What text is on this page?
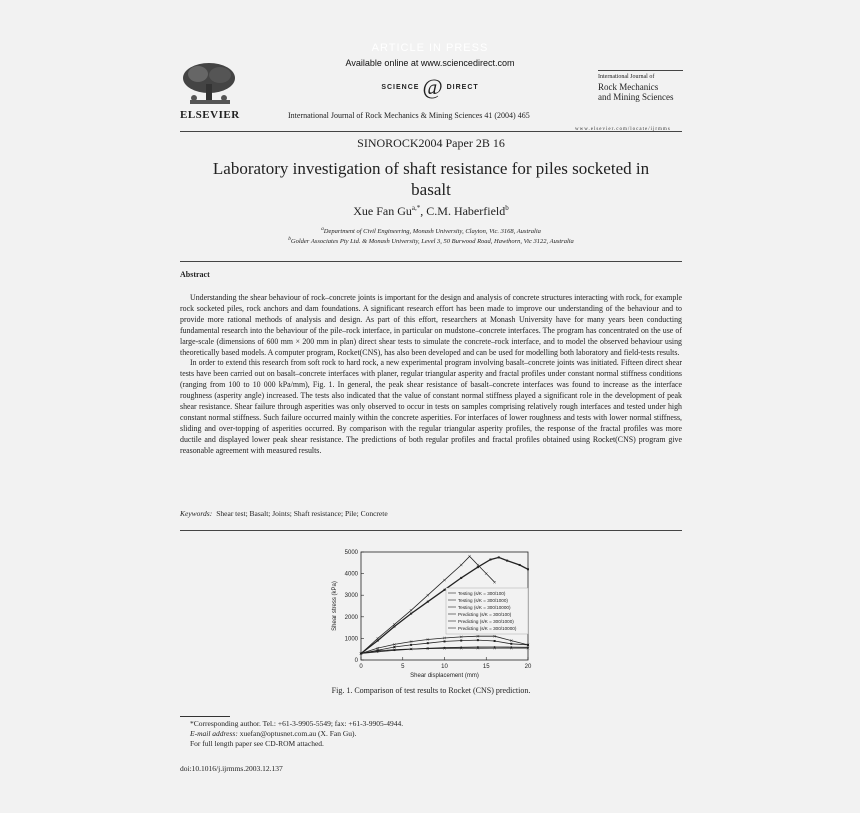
ELSEVIER
ARTICLE IN PRESS
Available online at www.sciencedirect.com
SCIENCE @ DIRECT
International Journal of Rock Mechanics & Mining Sciences 41 (2004) 465
International Journal of
Rock Mechanics
and Mining Sciences
www.elsevier.com/locate/ijrmms
SINOROCK2004 Paper 2B 16
Laboratory investigation of shaft resistance for piles socketed in
basalt
Xue Fan $Gu^{a,*}$, C.M. Haberfield$^b$
$^a$Department of Civil Engineering, Monash University, Clayton, Vic. 3168, Australia
$^b$Golder Associates Pty Ltd. & Monash University, Level 3, 50 Burwood Road, Hawthorn, Vic 3122, Australia
Abstract

Understanding the shear behaviour of rock–concrete joints is important for the design and analysis of concrete structures interacting with rock, for example rock socketed piles, rock anchors and dam foundations. A significant research effort has been made to improve our understanding of the behaviour and to provide more rational methods of analysis and design. As part of this effort, researchers at Monash University have for many years been conducting fundamental research into the behaviour of the pile–rock interface, in particular on mudstone–concrete interfaces. The program has concentrated on the use of large-scale (dimensions of 600 mm × 200 mm in plan) direct shear tests to simulate the concrete–rock interface, and to model the observed behaviour using theoretically based models. A computer program, Rocket(CNS), has also been developed and can be used for modelling both laboratory and field-tests results.

In order to extend this research from soft rock to hard rock, a new experimental program involving basalt–concrete joints was initiated. Fifteen direct shear tests have been carried out on basalt–concrete interfaces with planer, regular triangular asperity and fractal profiles under constant normal stiffness conditions (ranging from 100 to 10 000 kPa/mm), Fig. 1. In general, the peak shear resistance of basalt–concrete interfaces was found to increase as the interface roughness (asperity angle) increased. The tests also indicated that the value of constant normal stiffness played a significant role in the development of peak shear resistance. Shear failure through asperities was only observed to occur in tests on samples comprising relatively rough interfaces and tested under high constant normal stiffness. Such failure occurred mainly within the concrete asperities. For interfaces of lower roughness and tests with lower normal stiffness, sliding and over-topping of asperities occurred. By comparison with the regular triangular asperity profiles, the response of the fractal profiles was more ductile and displayed lower peak shear resistance. The predictions of both regular profiles and fractal profiles obtained using Rocket(CNS) program give reasonable agreement with measured results.

Keywords: Shear test; Basalt; Joints; Shaft resistance; Pile; Concrete
0
1000
2000
3000
4000
5000
0	5	10	15	20
Shear displacement (mm)
Shear stress (kPa)	Testing (s/K = 300/100)
Testing (s/K = 300/1000)
Testing (s/K = 300/10000)
Predicting (s/K = 300/100)
Predicting (s/K = 300/1000)
Predicting (s/K = 300/10000)
Fig. 1. Comparison of test results to Rocket (CNS) prediction.
*Corresponding author. Tel.: +61-3-9905-5549; fax: +61-3-9905-4944.
E-mail address: xuefan@optusnet.com.au (X. Fan Gu).
For full length paper see CD-ROM attached.
doi:10.1016/j.ijrmms.2003.12.137
